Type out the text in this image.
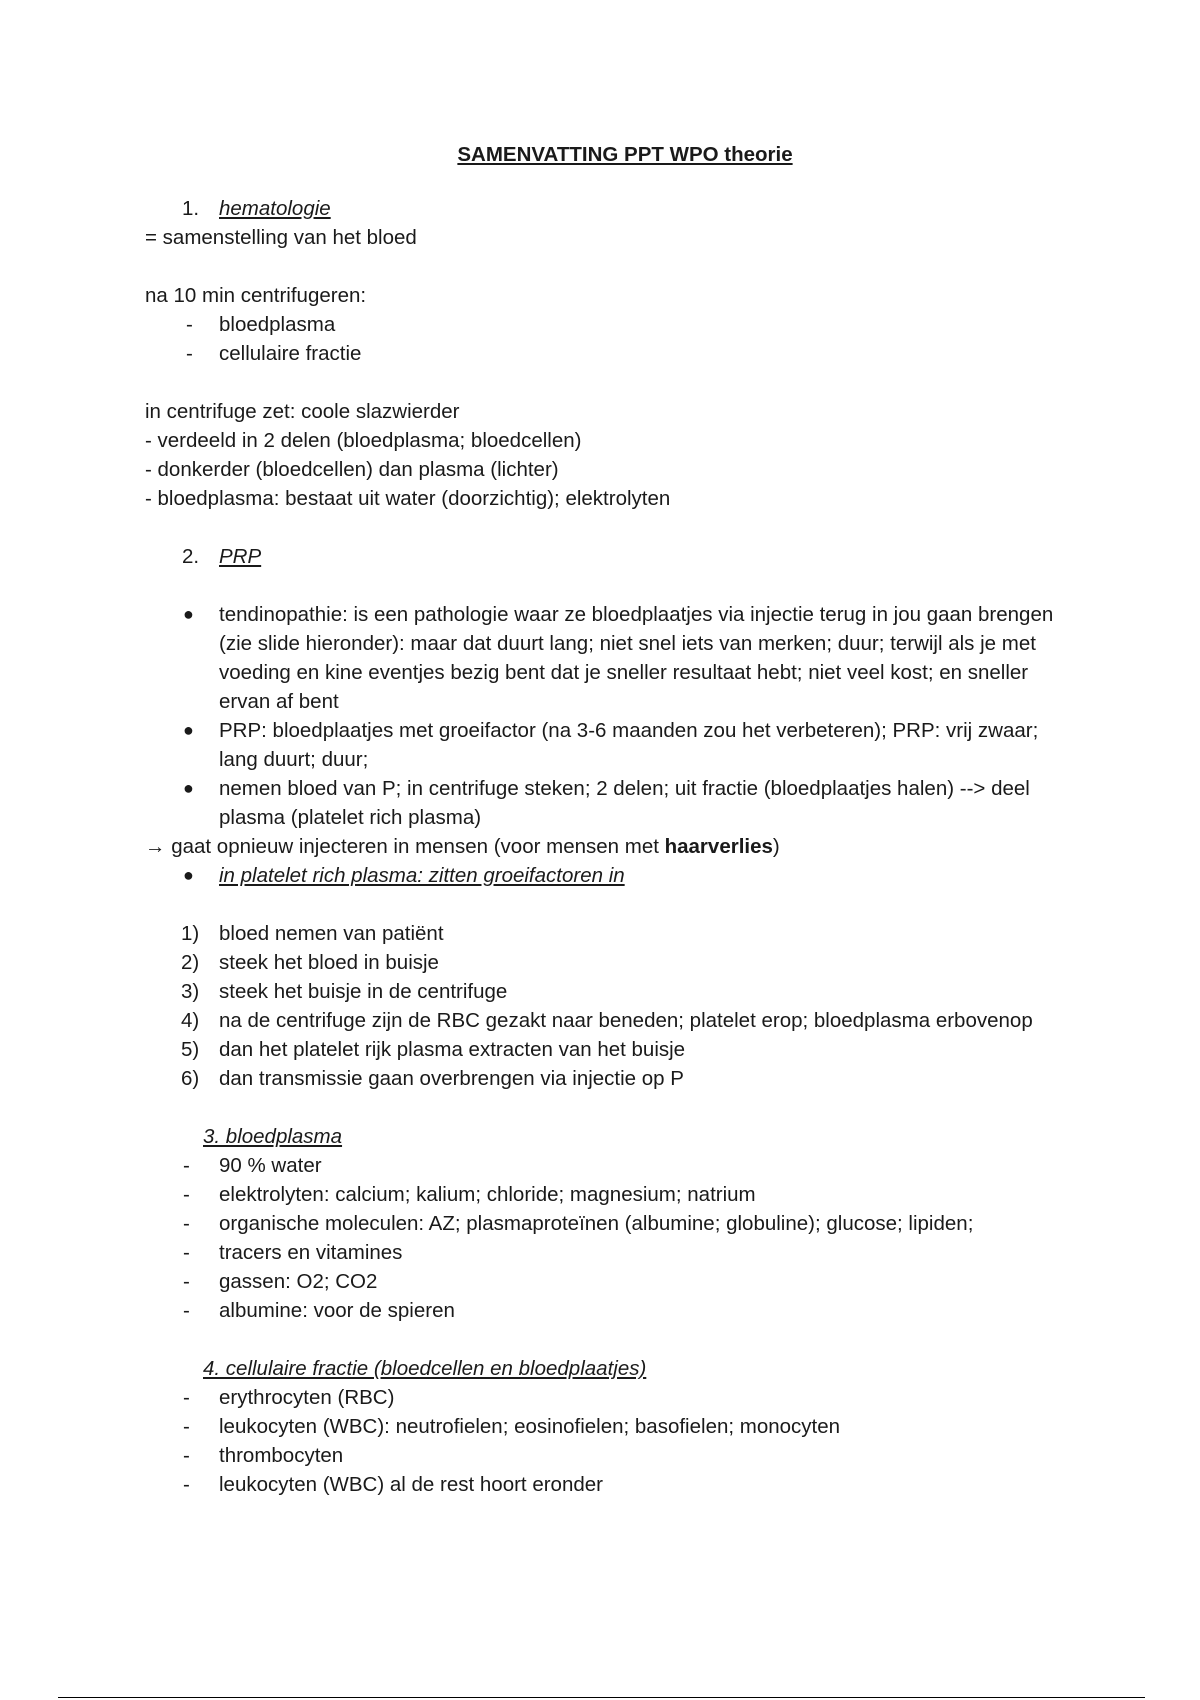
SAMENVATTING PPT WPO theorie
1. hematologie
= samenstelling van het bloed
na 10 min centrifugeren:
-	bloedplasma
-	cellulaire fractie
in centrifuge zet: coole slazwierder
- verdeeld in 2 delen (bloedplasma; bloedcellen)
- donkerder (bloedcellen) dan plasma (lichter)
- bloedplasma: bestaat uit water (doorzichtig); elektrolyten
2. PRP
●	tendinopathie: is een pathologie waar ze bloedplaatjes via injectie terug in jou gaan brengen (zie slide hieronder): maar dat duurt lang; niet snel iets van merken; duur; terwijl als je met voeding en kine eventjes bezig bent dat je sneller resultaat hebt; niet veel kost; en sneller ervan af bent
●	PRP: bloedplaatjes met groeifactor (na 3-6 maanden zou het verbeteren); PRP: vrij zwaar; lang duurt; duur;
●	nemen bloed van P; in centrifuge steken; 2 delen; uit fractie (bloedplaatjes halen) --> deel plasma (platelet rich plasma)
→ gaat opnieuw injecteren in mensen (voor mensen met haarverlies)
●	in platelet rich plasma: zitten groeifactoren in
1) bloed nemen van patiënt
2) steek het bloed in buisje
3) steek het buisje in de centrifuge
4) na de centrifuge zijn de RBC gezakt naar beneden; platelet erop; bloedplasma erbovenop
5) dan het platelet rijk plasma extracten van het buisje
6) dan transmissie gaan overbrengen via injectie op P
3. bloedplasma
-	90 % water
-	elektrolyten: calcium; kalium; chloride; magnesium; natrium
-	organische moleculen: AZ; plasmaproteïnen (albumine; globuline); glucose; lipiden;
-	tracers en vitamines
-	gassen: O2; CO2
-	albumine: voor de spieren
4. cellulaire fractie (bloedcellen en bloedplaatjes)
-	erythrocyten (RBC)
-	leukocyten (WBC): neutrofielen; eosinofielen; basofielen; monocyten
-	thrombocyten
-	leukocyten (WBC) al de rest hoort eronder
